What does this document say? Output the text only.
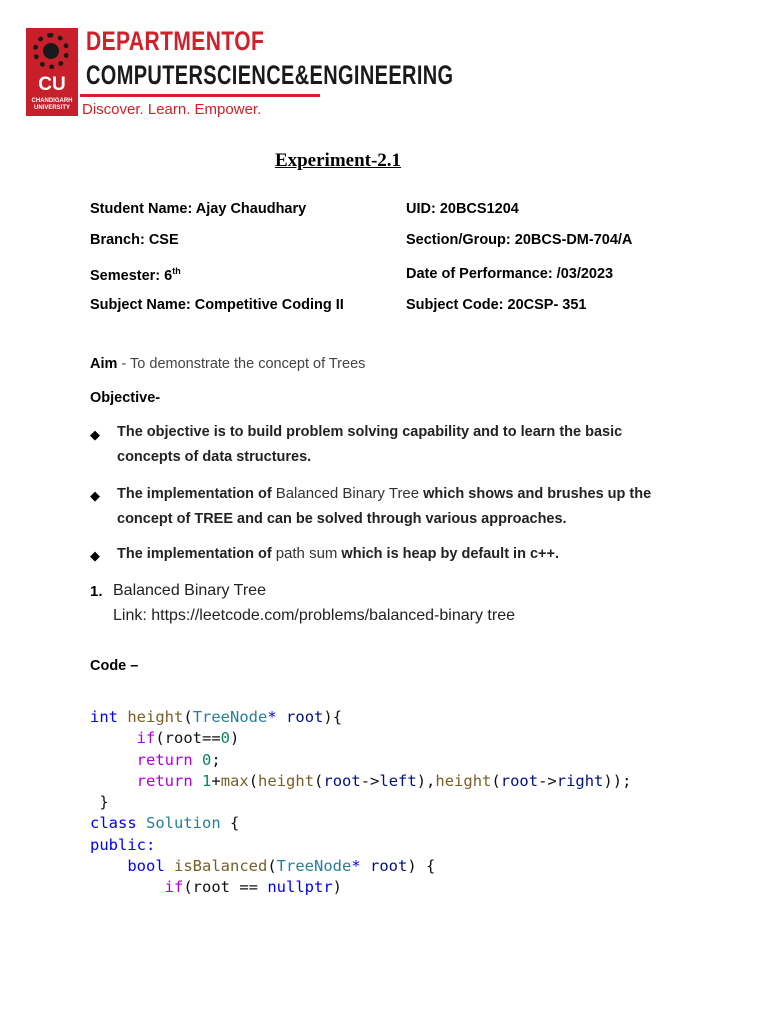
CU
CHANDIGARH UNIVERSITY
DEPARTMENTOF
COMPUTERSCIENCE&ENGINEERING
Discover. Learn. Empower.
Experiment-2.1
Student Name: Ajay Chaudhary	UID: 20BCS1204
Branch: CSE	Section/Group: 20BCS-DM-704/A
Semester: 6th	Date of Performance: /03/2023
Subject Name: Competitive Coding II	Subject Code: 20CSP- 351
Aim - To demonstrate the concept of Trees
Objective-
◆ The objective is to build problem solving capability and to learn the basic concepts of data structures.
◆ The implementation of Balanced Binary Tree which shows and brushes up the concept of TREE and can be solved through various approaches.
◆ The implementation of path sum which is heap by default in c++.
1. Balanced Binary Tree
Link: https://leetcode.com/problems/balanced-binary tree
Code –
int height(TreeNode* root){
if(root==0)
return 0;
return 1+max(height(root->left),height(root->right));
}
class Solution {
public:
bool isBalanced(TreeNode* root) {
if(root == nullptr)
